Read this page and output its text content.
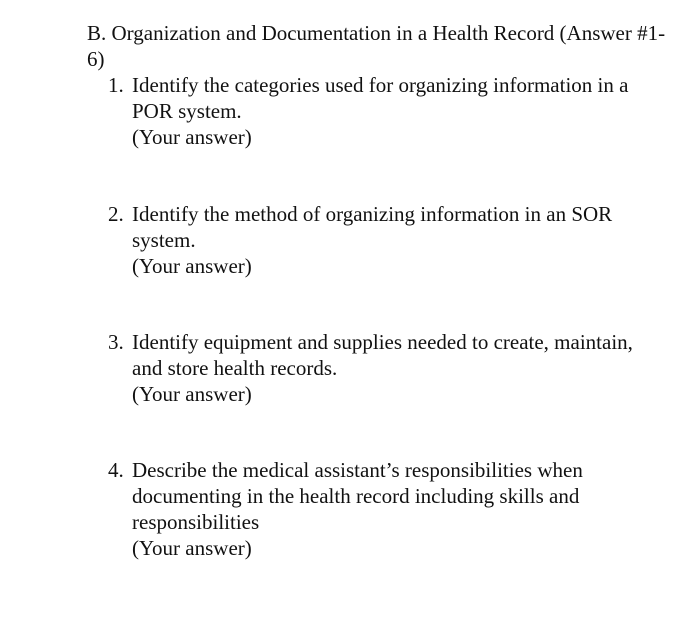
B. Organization and Documentation in a Health Record (Answer #1-6)
1. Identify the categories used for organizing information in a POR system.
(Your answer)
2. Identify the method of organizing information in an SOR system.
(Your answer)
3. Identify equipment and supplies needed to create, maintain, and store health records.
(Your answer)
4. Describe the medical assistant’s responsibilities when documenting in the health record including skills and responsibilities
(Your answer)
